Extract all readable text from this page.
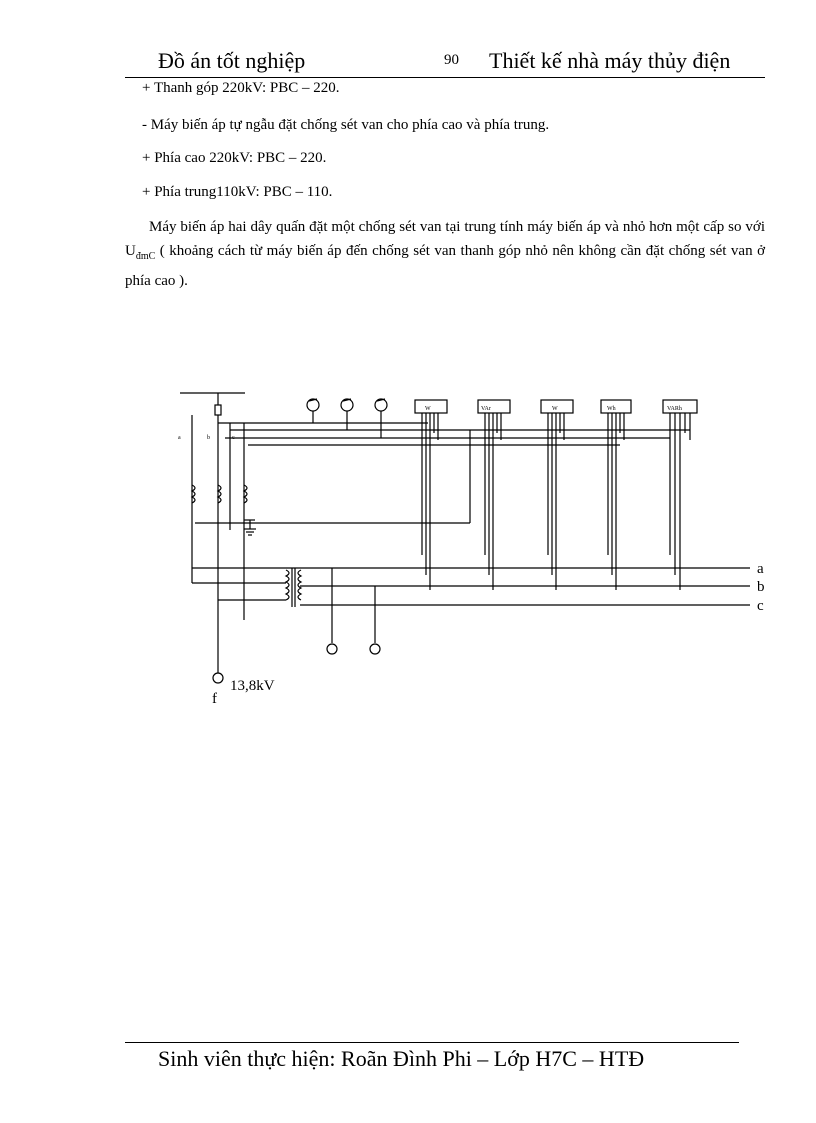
Đồ án tốt nghiệp	90 Thiết kế nhà máy thủy điện
+ Thanh góp 220kV: PBC – 220.
- Máy biến áp tự ngẫu đặt chống sét van cho phía cao và phía trung.
+ Phía cao 220kV: PBC – 220.
+ Phía trung110kV: PBC – 110.
Máy biến áp hai dây quấn đặt một chống sét van tại trung tính máy biến áp và nhỏ hơn một cấp so với $U_{đmC}$ ( khoảng cách từ máy biến áp đến chống sét van thanh góp nhỏ nên không cần đặt chống sét van ở phía cao ).
a	b	c
W	VAr	W	Wh	VARh
a
b
c
13,8kV
f
Sinh viên thực hiện: Roãn Đình Phi – Lớp H7C – HTĐ
